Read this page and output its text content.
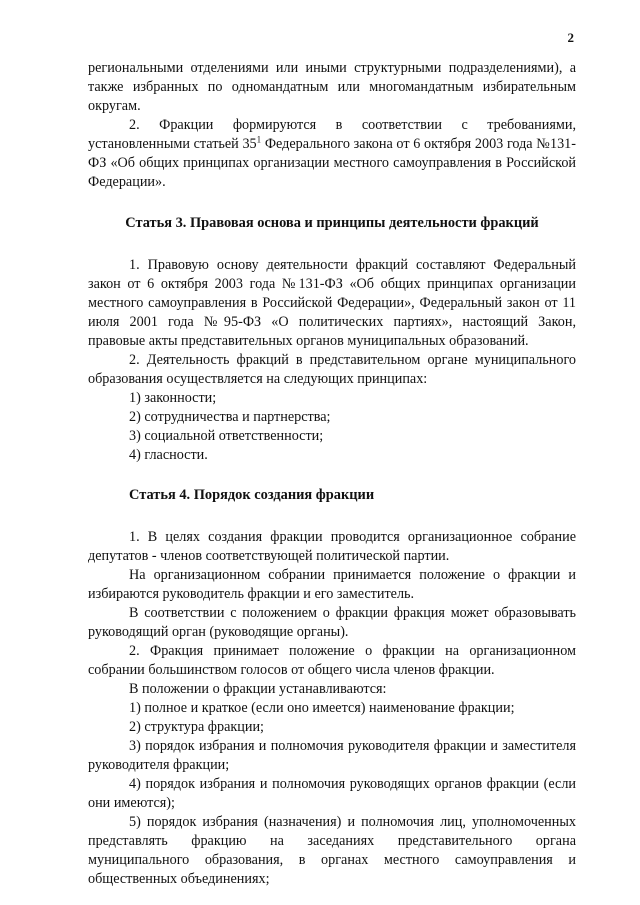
2

региональными отделениями или иными структурными подразделениями), а также избранных по одномандатным или многомандатным избирательным округам.

2. Фракции формируются в соответствии с требованиями, установленными статьей $35^1$ Федерального закона от 6 октября 2003 года №131-ФЗ «Об общих принципах организации местного самоуправления в Российской Федерации».

Статья 3. Правовая основа и принципы деятельности фракций

1. Правовую основу деятельности фракций составляют Федеральный закон от 6 октября 2003 года №131-ФЗ «Об общих принципах организации местного самоуправления в Российской Федерации», Федеральный закон от 11 июля 2001 года №95-ФЗ «О политических партиях», настоящий Закон, правовые акты представительных органов муниципальных образований.

2. Деятельность фракций в представительном органе муниципального образования осуществляется на следующих принципах:

1) законности;

2) сотрудничества и партнерства;

3) социальной ответственности;

4) гласности.

Статья 4. Порядок создания фракции

1. В целях создания фракции проводится организационное собрание депутатов - членов соответствующей политической партии.

На организационном собрании принимается положение о фракции и избираются руководитель фракции и его заместитель.

В соответствии с положением о фракции фракция может образовывать руководящий орган (руководящие органы).

2. Фракция принимает положение о фракции на организационном собрании большинством голосов от общего числа членов фракции.

В положении о фракции устанавливаются:

1) полное и краткое (если оно имеется) наименование фракции;

2) структура фракции;

3) порядок избрания и полномочия руководителя фракции и заместителя руководителя фракции;

4) порядок избрания и полномочия руководящих органов фракции (если они имеются);

5) порядок избрания (назначения) и полномочия лиц, уполномоченных представлять фракцию на заседаниях представительного органа муниципального образования, в органах местного самоуправления и общественных объединениях;
